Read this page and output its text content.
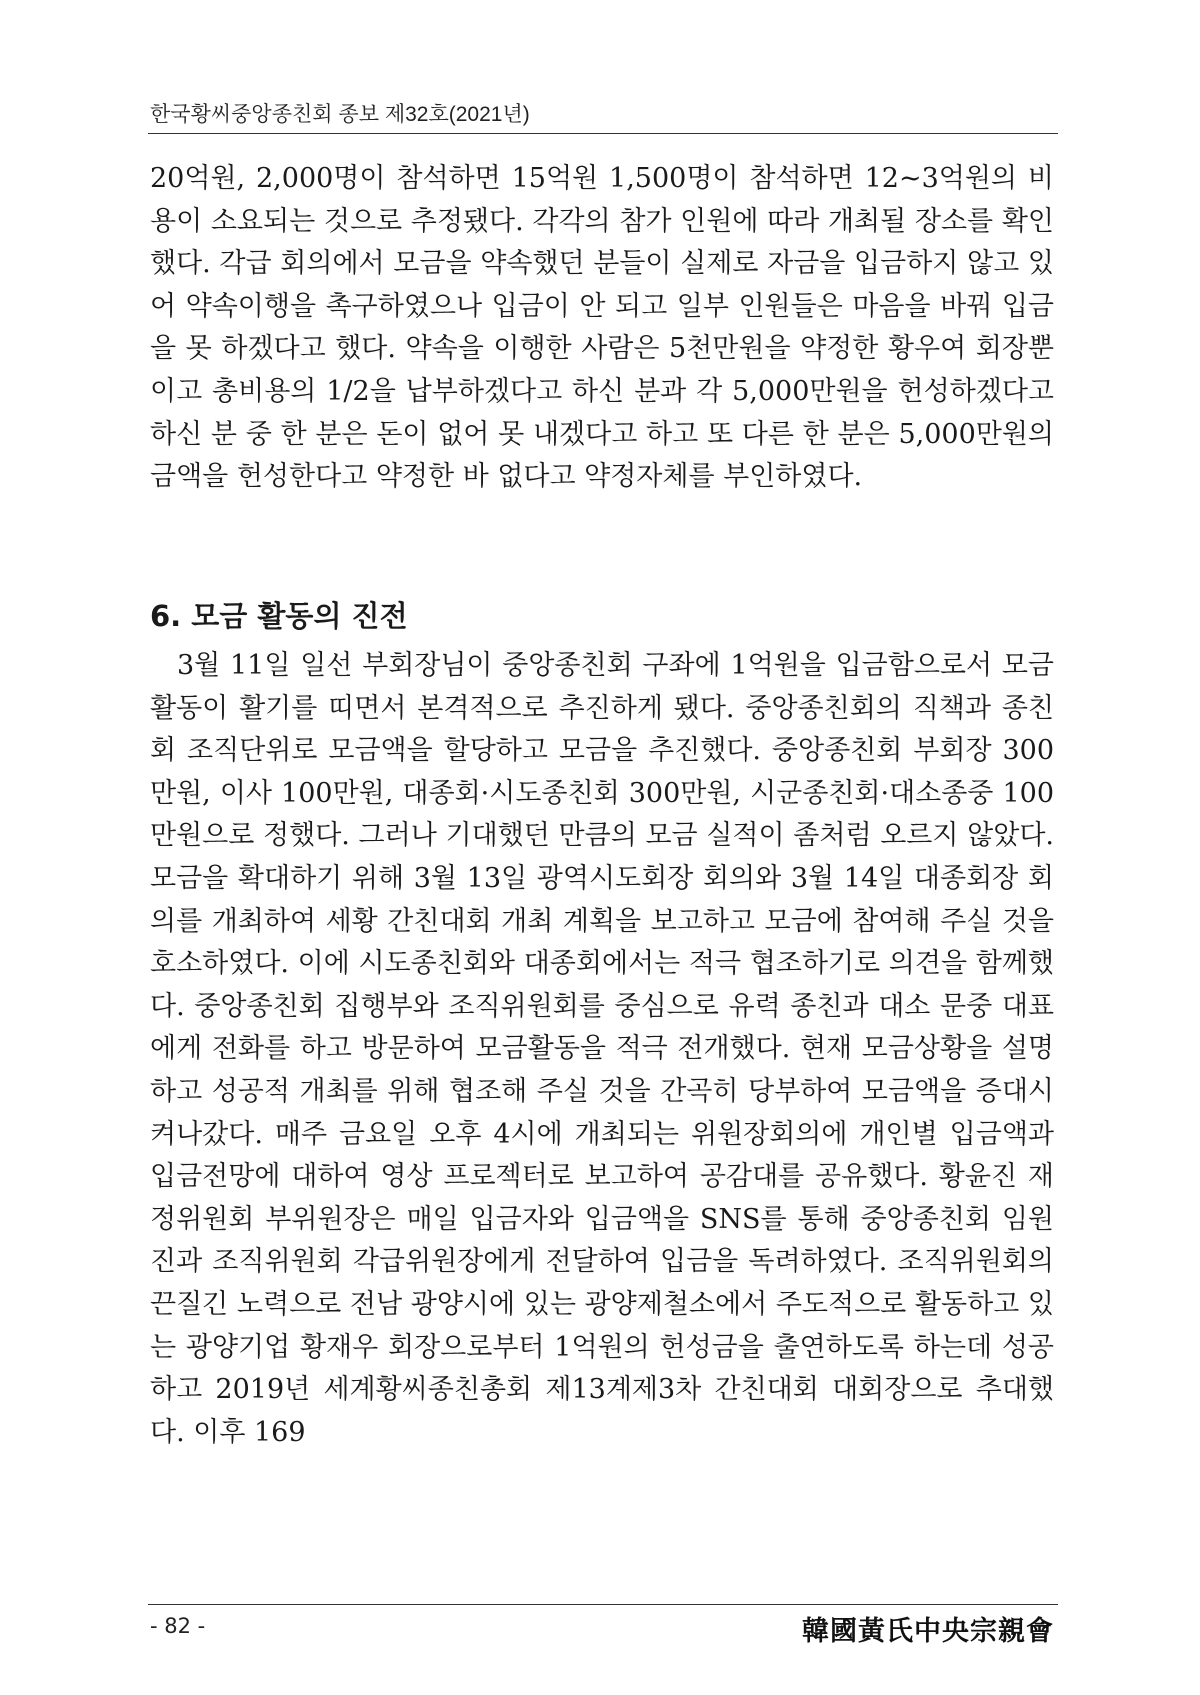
한국황씨중앙종친회 종보 제32호(2021년)

20억원, 2,000명이 참석하면 15억원 1,500명이 참석하면 12~3억원의 비용이 소요되는 것으로 추정됐다. 각각의 참가 인원에 따라 개최될 장소를 확인했다. 각급 회의에서 모금을 약속했던 분들이 실제로 자금을 입금하지 않고 있어 약속이행을 촉구하였으나 입금이 안 되고 일부 인원들은 마음을 바꿔 입금을 못 하겠다고 했다. 약속을 이행한 사람은 5천만원을 약정한 황우여 회장뿐이고 총비용의 1/2을 납부하겠다고 하신 분과 각 5,000만원을 헌성하겠다고 하신 분 중 한 분은 돈이 없어 못 내겠다고 하고 또 다른 한 분은 5,000만원의 금액을 헌성한다고 약정한 바 없다고 약정자체를 부인하였다.

6. 모금 활동의 진전

3월 11일 일선 부회장님이 중앙종친회 구좌에 1억원을 입금함으로서 모금 활동이 활기를 띠면서 본격적으로 추진하게 됐다. 중앙종친회의 직책과 종친회 조직단위로 모금액을 할당하고 모금을 추진했다. 중앙종친회 부회장 300만원, 이사 100만원, 대종회·시도종친회 300만원, 시군종친회·대소종중 100만원으로 정했다. 그러나 기대했던 만큼의 모금 실적이 좀처럼 오르지 않았다. 모금을 확대하기 위해 3월 13일 광역시도회장 회의와 3월 14일 대종회장 회의를 개최하여 세황 간친대회 개최 계획을 보고하고 모금에 참여해 주실 것을 호소하였다. 이에 시도종친회와 대종회에서는 적극 협조하기로 의견을 함께했다. 중앙종친회 집행부와 조직위원회를 중심으로 유력 종친과 대소 문중 대표에게 전화를 하고 방문하여 모금활동을 적극 전개했다. 현재 모금상황을 설명하고 성공적 개최를 위해 협조해 주실 것을 간곡히 당부하여 모금액을 증대시켜나갔다. 매주 금요일 오후 4시에 개최되는 위원장회의에 개인별 입금액과 입금전망에 대하여 영상 프로젝터로 보고하여 공감대를 공유했다. 황윤진 재정위원회 부위원장은 매일 입금자와 입금액을 SNS를 통해 중앙종친회 임원진과 조직위원회 각급위원장에게 전달하여 입금을 독려하였다. 조직위원회의 끈질긴 노력으로 전남 광양시에 있는 광양제철소에서 주도적으로 활동하고 있는 광양기업 황재우 회장으로부터 1억원의 헌성금을 출연하도록 하는데 성공하고 2019년 세계황씨종친총회 제13계제3차 간친대회 대회장으로 추대했다. 이후 169

- 82 -	韓國黃氏中央宗親會
